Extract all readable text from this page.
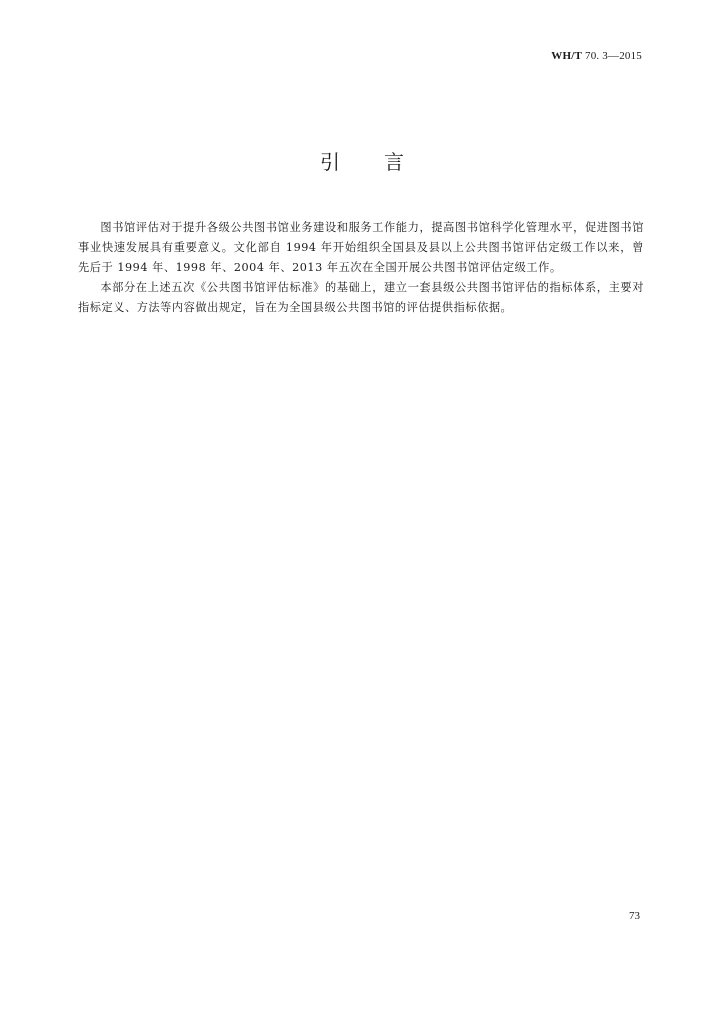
WH/T 70. 3—2015
引 言

图书馆评估对于提升各级公共图书馆业务建设和服务工作能力，提高图书馆科学化管理水平，促进图书馆事业快速发展具有重要意义。文化部自 1994 年开始组织全国县及县以上公共图书馆评估定级工作以来，曾先后于 1994 年、1998 年、2004 年、2013 年五次在全国开展公共图书馆评估定级工作。

本部分在上述五次《公共图书馆评估标准》的基础上，建立一套县级公共图书馆评估的指标体系，主要对指标定义、方法等内容做出规定，旨在为全国县级公共图书馆的评估提供指标依据。

73
